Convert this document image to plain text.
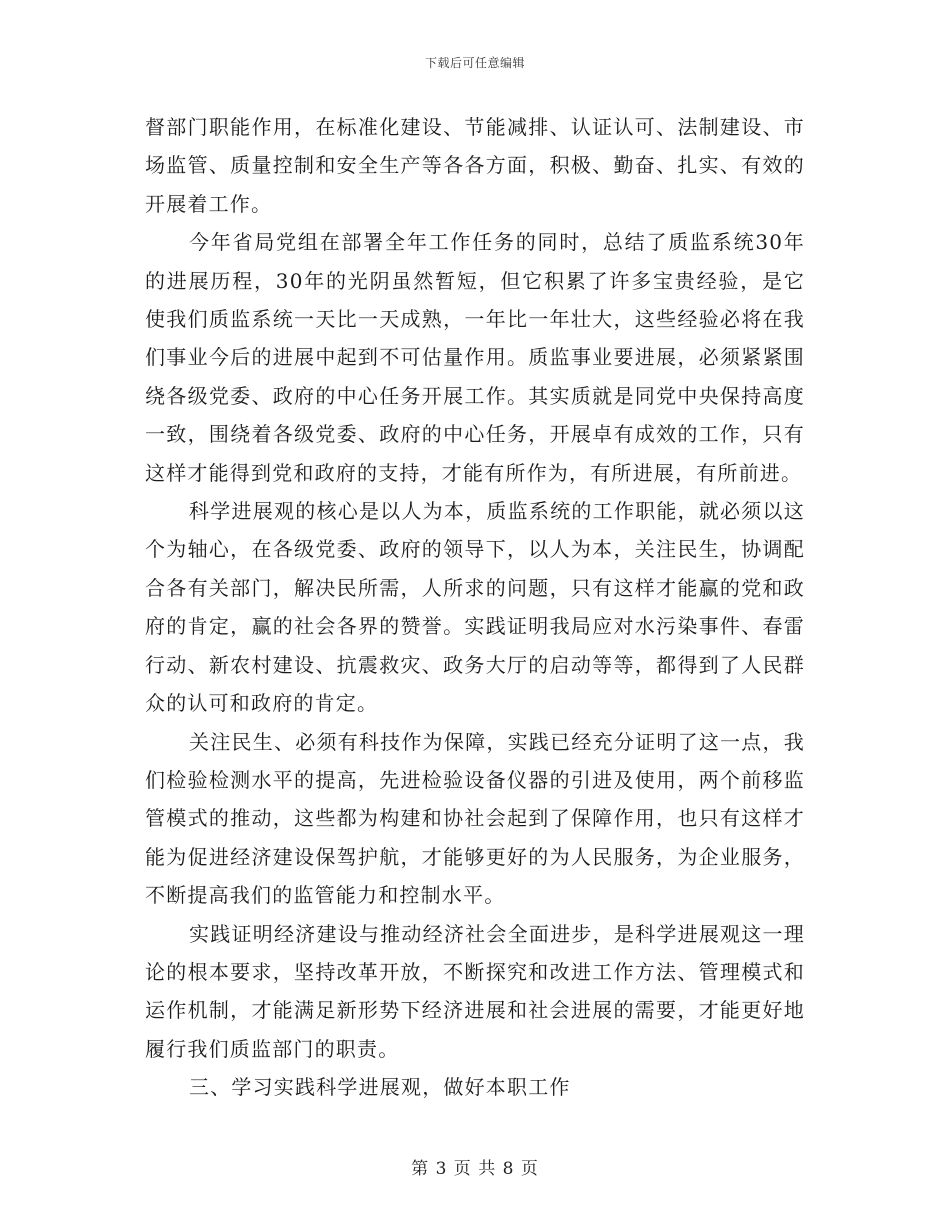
下载后可任意编辑

督部门职能作用，在标准化建设、节能减排、认证认可、法制建设、市场监管、质量控制和安全生产等各各方面，积极、勤奋、扎实、有效的开展着工作。

今年省局党组在部署全年工作任务的同时，总结了质监系统30年的进展历程，30年的光阴虽然暂短，但它积累了许多宝贵经验，是它使我们质监系统一天比一天成熟，一年比一年壮大，这些经验必将在我们事业今后的进展中起到不可估量作用。质监事业要进展，必须紧紧围绕各级党委、政府的中心任务开展工作。其实质就是同党中央保持高度一致，围绕着各级党委、政府的中心任务，开展卓有成效的工作，只有这样才能得到党和政府的支持，才能有所作为，有所进展，有所前进。

科学进展观的核心是以人为本，质监系统的工作职能，就必须以这个为轴心，在各级党委、政府的领导下，以人为本，关注民生，协调配合各有关部门，解决民所需，人所求的问题，只有这样才能赢的党和政府的肯定，赢的社会各界的赞誉。实践证明我局应对水污染事件、春雷行动、新农村建设、抗震救灾、政务大厅的启动等等，都得到了人民群众的认可和政府的肯定。

关注民生、必须有科技作为保障，实践已经充分证明了这一点，我们检验检测水平的提高，先进检验设备仪器的引进及使用，两个前移监管模式的推动，这些都为构建和协社会起到了保障作用，也只有这样才能为促进经济建设保驾护航，才能够更好的为人民服务，为企业服务，不断提高我们的监管能力和控制水平。

实践证明经济建设与推动经济社会全面进步，是科学进展观这一理论的根本要求，坚持改革开放，不断探究和改进工作方法、管理模式和运作机制，才能满足新形势下经济进展和社会进展的需要，才能更好地履行我们质监部门的职责。

三、学习实践科学进展观，做好本职工作

第 3 页 共 8 页
